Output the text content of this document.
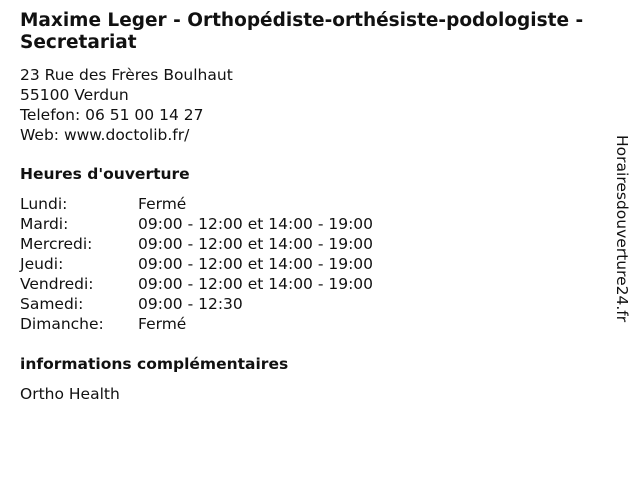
Maxime Leger - Orthopédiste-orthésiste-podologiste - Secretariat
23 Rue des Frères Boulhaut
55100 Verdun
Telefon: 06 51 00 14 27
Web: www.doctolib.fr/
Heures d'ouverture
Lundi:	Fermé
Mardi:	09:00 - 12:00 et 14:00 - 19:00
Mercredi:	09:00 - 12:00 et 14:00 - 19:00
Jeudi:	09:00 - 12:00 et 14:00 - 19:00
Vendredi:	09:00 - 12:00 et 14:00 - 19:00
Samedi:	09:00 - 12:30
Dimanche:	Fermé
informations complémentaires
Ortho Health
Horairesdouverture24.fr
